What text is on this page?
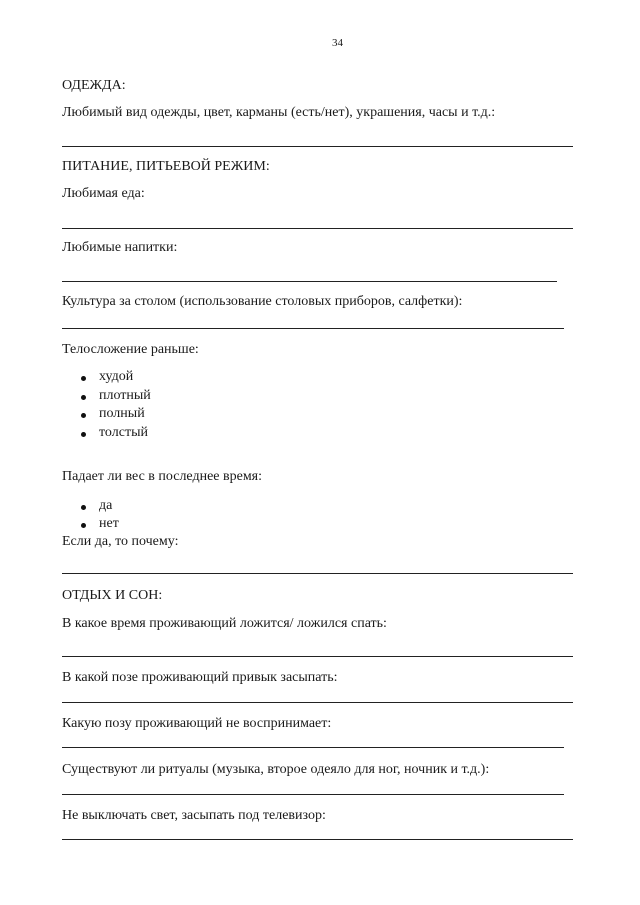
34
ОДЕЖДА:
Любимый вид одежды, цвет, карманы (есть/нет), украшения, часы и т.д.:
ПИТАНИЕ, ПИТЬЕВОЙ РЕЖИМ:
Любимая еда:
Любимые напитки:
Культура за столом (использование столовых приборов, салфетки):
Телосложение раньше:
худой
плотный
полный
толстый
Падает ли вес в последнее время:
да
нет
Если да, то почему:
ОТДЫХ И СОН:
В какое время проживающий ложится/ ложился спать:
В какой позе проживающий привык засыпать:
Какую позу проживающий не воспринимает:
Существуют ли ритуалы (музыка, второе одеяло для ног, ночник и т.д.):
Не выключать свет, засыпать под телевизор:
